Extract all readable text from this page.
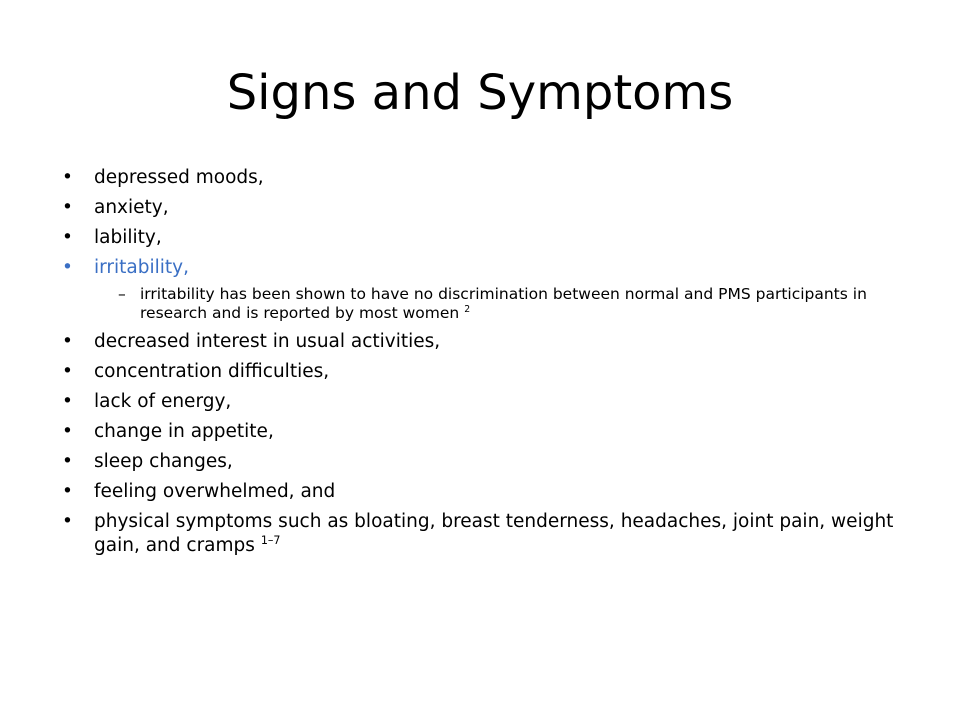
Signs and Symptoms
•	depressed moods,
•	anxiety,
•	lability,
•	irritability,
– irritability has been shown to have no discrimination between normal and PMS participants in research and is reported by most women $^2$
•	decreased interest in usual activities,
•	concentration difficulties,
•	lack of energy,
•	change in appetite,
•	sleep changes,
•	feeling overwhelmed, and
•	physical symptoms such as bloating, breast tenderness, headaches, joint pain, weight gain, and cramps $^{1-7}$
